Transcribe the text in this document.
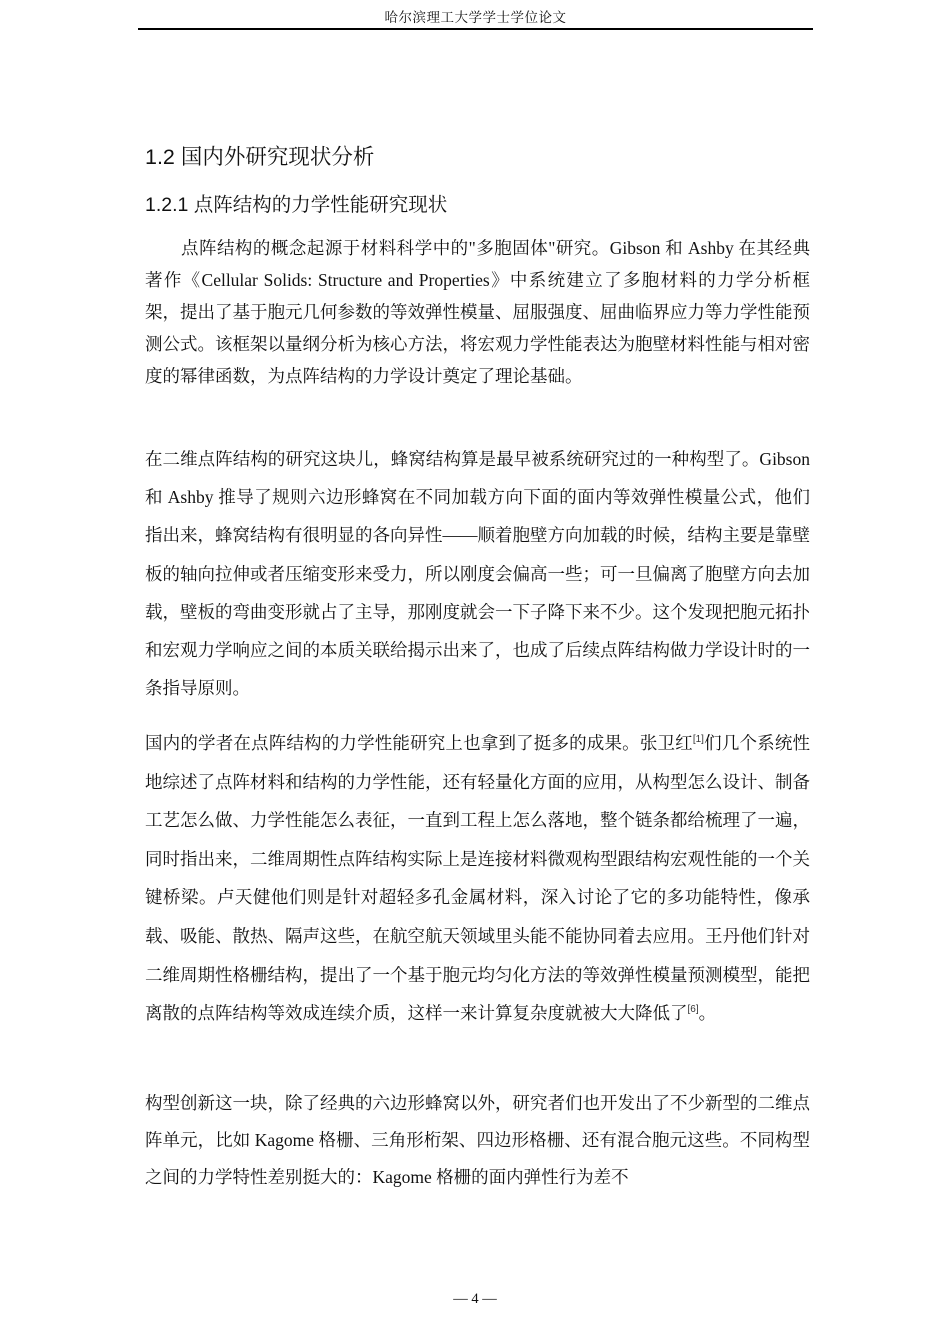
哈尔滨理工大学学士学位论文
1.2 国内外研究现状分析
1.2.1 点阵结构的力学性能研究现状

点阵结构的概念起源于材料科学中的"多胞固体"研究。Gibson 和 Ashby 在其经典著作《Cellular Solids: Structure and Properties》中系统建立了多胞材料的力学分析框架，提出了基于胞元几何参数的等效弹性模量、屈服强度、屈曲临界应力等力学性能预测公式。该框架以量纲分析为核心方法，将宏观力学性能表达为胞壁材料性能与相对密度的幂律函数，为点阵结构的力学设计奠定了理论基础。

在二维点阵结构的研究这块儿，蜂窝结构算是最早被系统研究过的一种构型了。Gibson 和 Ashby 推导了规则六边形蜂窝在不同加载方向下面的面内等效弹性模量公式，他们指出来，蜂窝结构有很明显的各向异性——顺着胞壁方向加载的时候，结构主要是靠壁板的轴向拉伸或者压缩变形来受力，所以刚度会偏高一些；可一旦偏离了胞壁方向去加载，壁板的弯曲变形就占了主导，那刚度就会一下子降下来不少。这个发现把胞元拓扑和宏观力学响应之间的本质关联给揭示出来了，也成了后续点阵结构做力学设计时的一条指导原则。

国内的学者在点阵结构的力学性能研究上也拿到了挺多的成果。张卫红[1]们几个系统性地综述了点阵材料和结构的力学性能，还有轻量化方面的应用，从构型怎么设计、制备工艺怎么做、力学性能怎么表征，一直到工程上怎么落地，整个链条都给梳理了一遍，同时指出来，二维周期性点阵结构实际上是连接材料微观构型跟结构宏观性能的一个关键桥梁。卢天健他们则是针对超轻多孔金属材料，深入讨论了它的多功能特性，像承载、吸能、散热、隔声这些，在航空航天领域里头能不能协同着去应用。王丹他们针对二维周期性格栅结构，提出了一个基于胞元均匀化方法的等效弹性模量预测模型，能把离散的点阵结构等效成连续介质，这样一来计算复杂度就被大大降低了[6]。

构型创新这一块，除了经典的六边形蜂窝以外，研究者们也开发出了不少新型的二维点阵单元，比如 Kagome 格栅、三角形桁架、四边形格栅、还有混合胞元这些。不同构型之间的力学特性差别挺大的：Kagome 格栅的面内弹性行为差不

— 4 —
